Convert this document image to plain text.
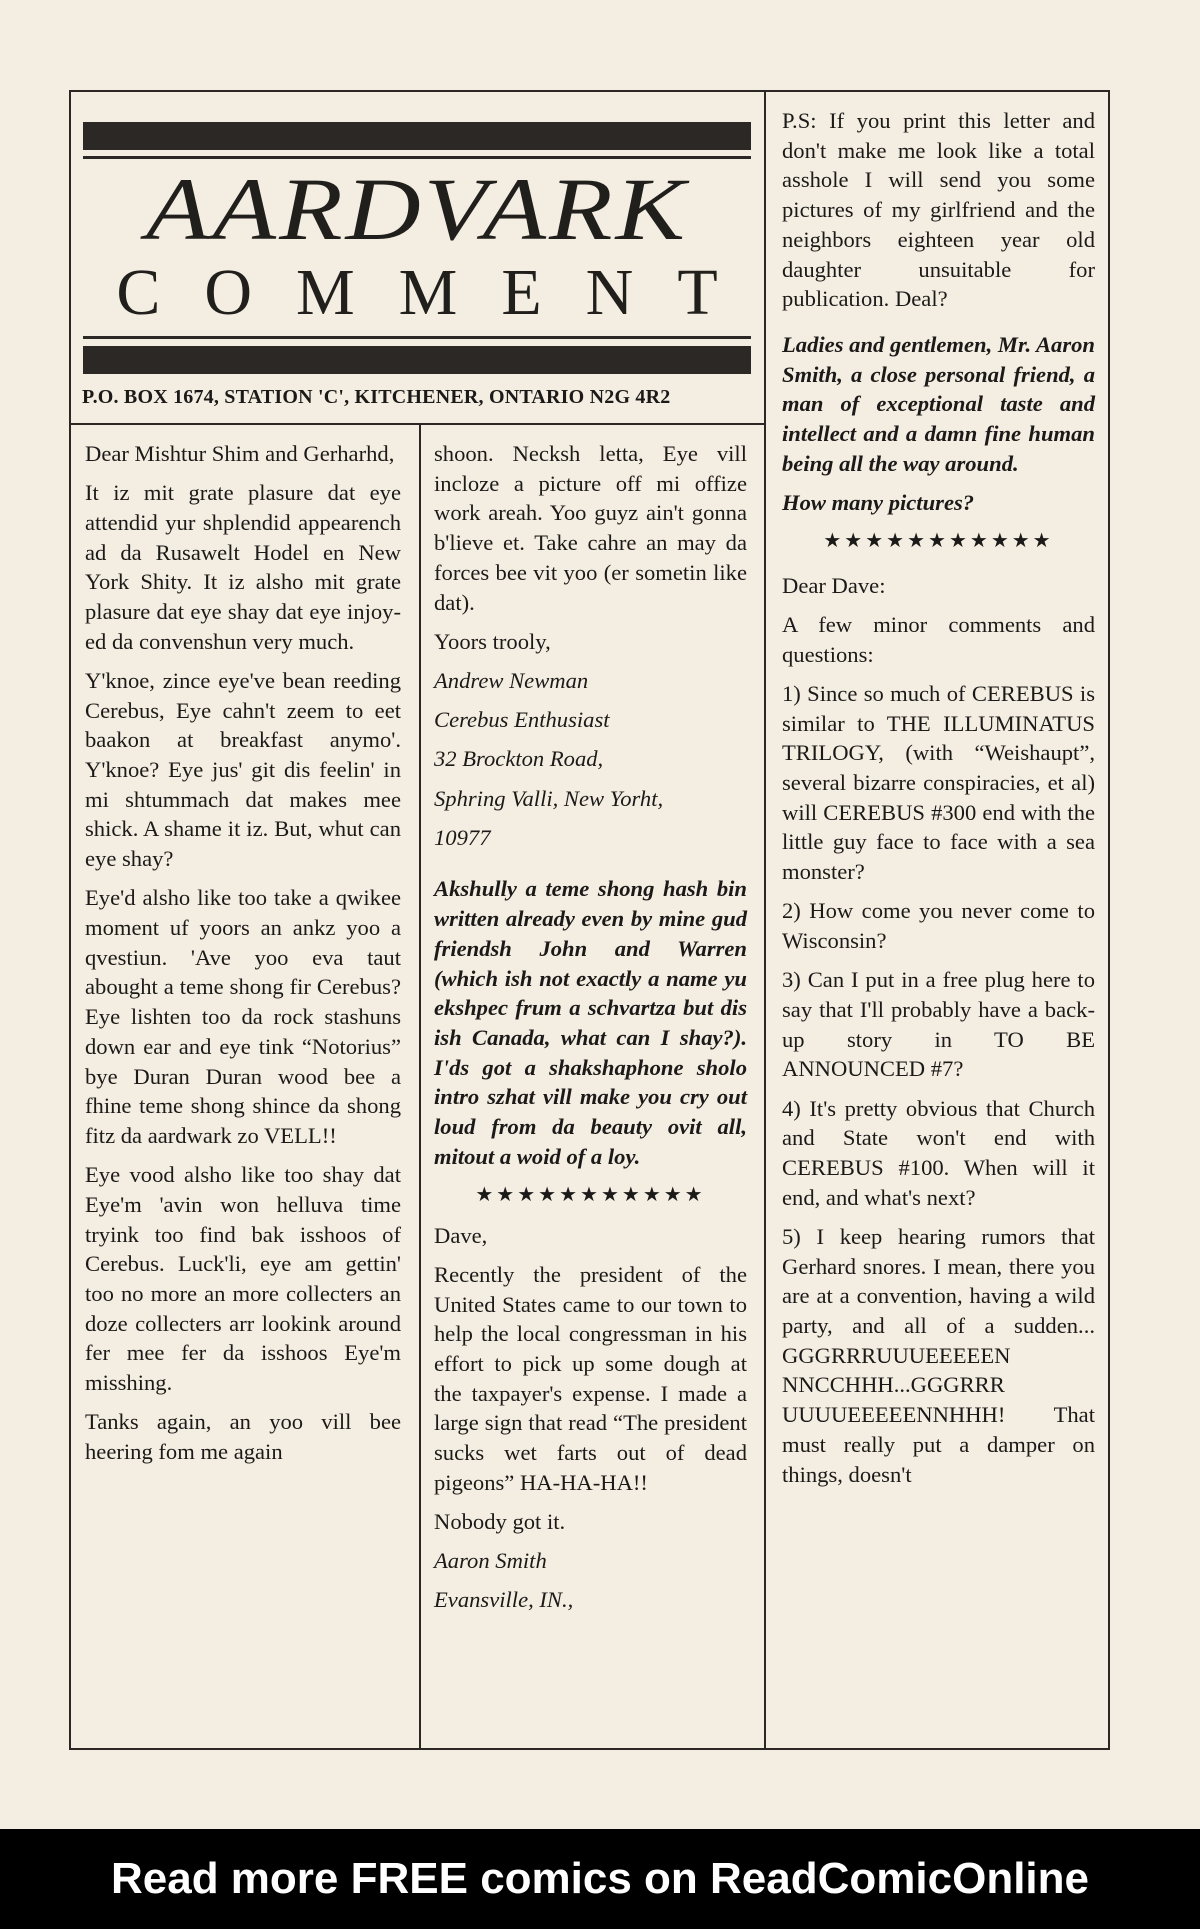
AARDVARK
COMMENT
P.O. BOX 1674, STATION 'C', KITCHENER, ONTARIO N2G 4R2

Dear Mishtur Shim and Gerharhd,

It iz mit grate plasure dat eye attendid yur shplendid appearench ad da Rusawelt Hodel en New York Shity. It iz alsho mit grate plasure dat eye shay dat eye injoy-ed da convenshun very much.

Y'knoe, zince eye've bean reeding Cerebus, Eye cahn't zeem to eet baakon at breakfast anymo'. Y'knoe? Eye jus' git dis feelin' in mi shtummach dat makes mee shick. A shame it iz. But, whut can eye shay?

Eye'd alsho like too take a qwikee moment uf yoors an ankz yoo a qvestiun. 'Ave yoo eva taut abought a teme shong fir Cerebus? Eye lishten too da rock stashuns down ear and eye tink “Notorius” bye Duran Duran wood bee a fhine teme shong shince da shong fitz da aardwark zo VELL!!

Eye vood alsho like too shay dat Eye'm 'avin won helluva time tryink too find bak isshoos of Cerebus. Luck'li, eye am gettin' too no more an more collecters an doze collecters arr lookink around fer mee fer da isshoos Eye'm misshing.

Tanks again, an yoo vill bee heering fom me again

shoon. Necksh letta, Eye vill incloze a picture off mi offize work areah. Yoo guyz ain't gonna b'lieve et. Take cahre an may da forces bee vit yoo (er sometin like dat).

Yoors trooly,

Andrew Newman

Cerebus Enthusiast

32 Brockton Road,

Sphring Valli, New Yorht,

10977

Akshully a teme shong hash bin written already even by mine gud friendsh John and Warren (which ish not exactly a name yu ekshpec frum a schvartza but dis ish Canada, what can I shay?). I'ds got a shakshaphone sholo intro szhat vill make you cry out loud from da beauty ovit all, mitout a woid of a loy.

★★★★★★★★★★★

Dave,

Recently the president of the United States came to our town to help the local congressman in his effort to pick up some dough at the taxpayer's expense. I made a large sign that read “The president sucks wet farts out of dead pigeons” HA-HA-HA!!

Nobody got it.

Aaron Smith

Evansville, IN.,

P.S: If you print this letter and don't make me look like a total asshole I will send you some pictures of my girlfriend and the neighbors eighteen year old daughter unsuitable for publication. Deal?

Ladies and gentlemen, Mr. Aaron Smith, a close personal friend, a man of exceptional taste and intellect and a damn fine human being all the way around.

How many pictures?

★★★★★★★★★★★

Dear Dave:

A few minor comments and questions:

1) Since so much of CEREBUS is similar to THE ILLUMINATUS TRILOGY, (with “Weishaupt”, several bizarre conspiracies, et al) will CEREBUS #300 end with the little guy face to face with a sea monster?

2) How come you never come to Wisconsin?

3) Can I put in a free plug here to say that I'll probably have a back-up story in TO BE ANNOUNCED #7?

4) It's pretty obvious that Church and State won't end with CEREBUS #100. When will it end, and what's next?

5) I keep hearing rumors that Gerhard snores. I mean, there you are at a convention, having a wild party, and all of a sudden... GGGRRRUUUEEEEEN NNCCHHH...GGGRRR UUUUEEEEENNHHH! That must really put a damper on things, doesn't

Read more FREE comics on ReadComicOnline
